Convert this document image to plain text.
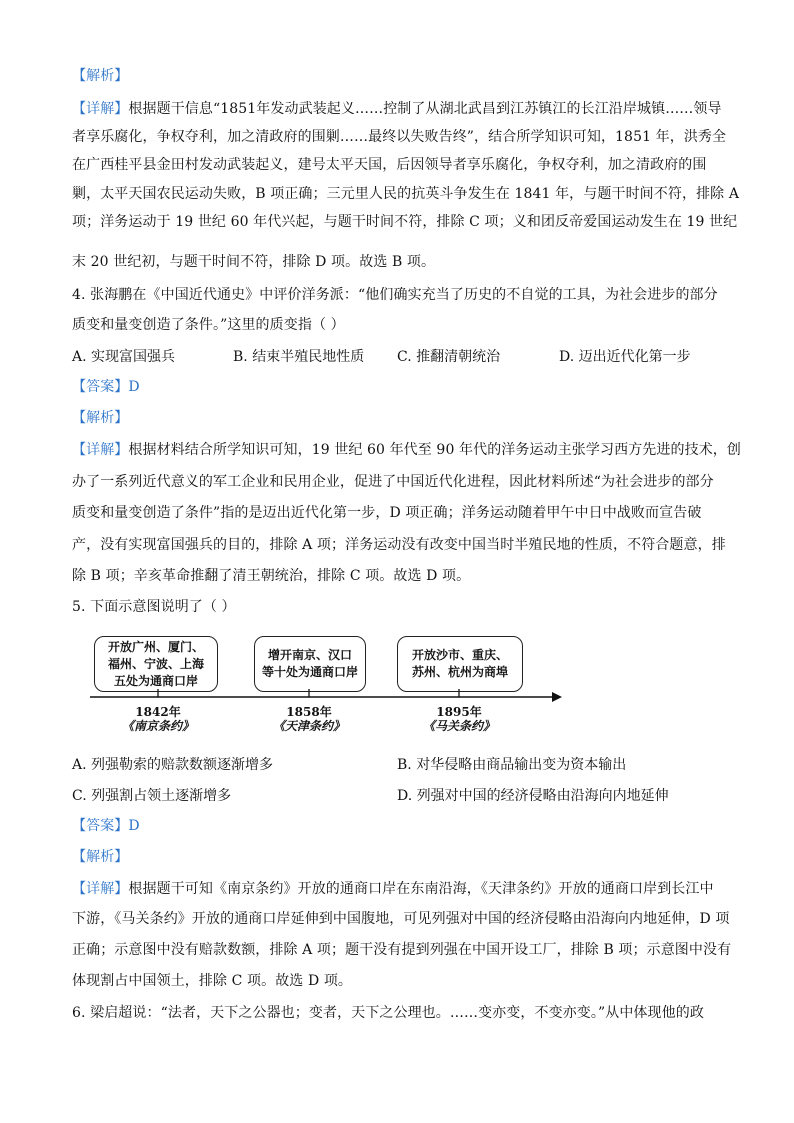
【解析】
【详解】根据题干信息“1851年发动武装起义……控制了从湖北武昌到江苏镇江的长江沿岸城镇……领导
者享乐腐化，争权夺利，加之清政府的围剿……最终以失败告终”，结合所学知识可知，1851 年，洪秀全
在广西桂平县金田村发动武装起义，建号太平天国，后因领导者享乐腐化，争权夺利，加之清政府的围
剿，太平天国农民运动失败，B 项正确；三元里人民的抗英斗争发生在 1841 年，与题干时间不符，排除 A
项；洋务运动于 19 世纪 60 年代兴起，与题干时间不符，排除 C 项；义和团反帝爱国运动发生在 19 世纪
末 20 世纪初，与题干时间不符，排除 D 项。故选 B 项。
4. 张海鹏在《中国近代通史》中评价洋务派：“他们确实充当了历史的不自觉的工具，为社会进步的部分
质变和量变创造了条件。”这里的质变指（ ）
A. 实现富国强兵	B. 结束半殖民地性质 C. 推翻清朝统治	D. 迈出近代化第一步
【答案】D
【解析】
【详解】根据材料结合所学知识可知，19 世纪 60 年代至 90 年代的洋务运动主张学习西方先进的技术，创
办了一系列近代意义的军工企业和民用企业，促进了中国近代化进程，因此材料所述“为社会进步的部分
质变和量变创造了条件”指的是迈出近代化第一步，D 项正确；洋务运动随着甲午中日中战败而宣告破
产，没有实现富国强兵的目的，排除 A 项；洋务运动没有改变中国当时半殖民地的性质，不符合题意，排
除 B 项；辛亥革命推翻了清王朝统治，排除 C 项。故选 D 项。
5. 下面示意图说明了（ ）
开放广州、厦门、
福州、宁波、上海
五处为通商口岸
增开南京、汉口
等十处为通商口岸
开放沙市、重庆、
苏州、杭州为商埠
1842年	1858年	1895年
《南京条约》	《天津条约》	《马关条约》
A. 列强勒索的赔款数额逐渐增多	B. 对华侵略由商品输出变为资本输出
C. 列强割占领土逐渐增多	D. 列强对中国的经济侵略由沿海向内地延伸
【答案】D
【解析】
【详解】根据题干可知《南京条约》开放的通商口岸在东南沿海，《天津条约》开放的通商口岸到长江中
下游，《马关条约》开放的通商口岸延伸到中国腹地，可见列强对中国的经济侵略由沿海向内地延伸，D 项
正确；示意图中没有赔款数额，排除 A 项；题干没有提到列强在中国开设工厂，排除 B 项；示意图中没有
体现割占中国领土，排除 C 项。故选 D 项。
6. 梁启超说：“法者，天下之公器也；变者，天下之公理也。……变亦变，不变亦变。”从中体现他的政
